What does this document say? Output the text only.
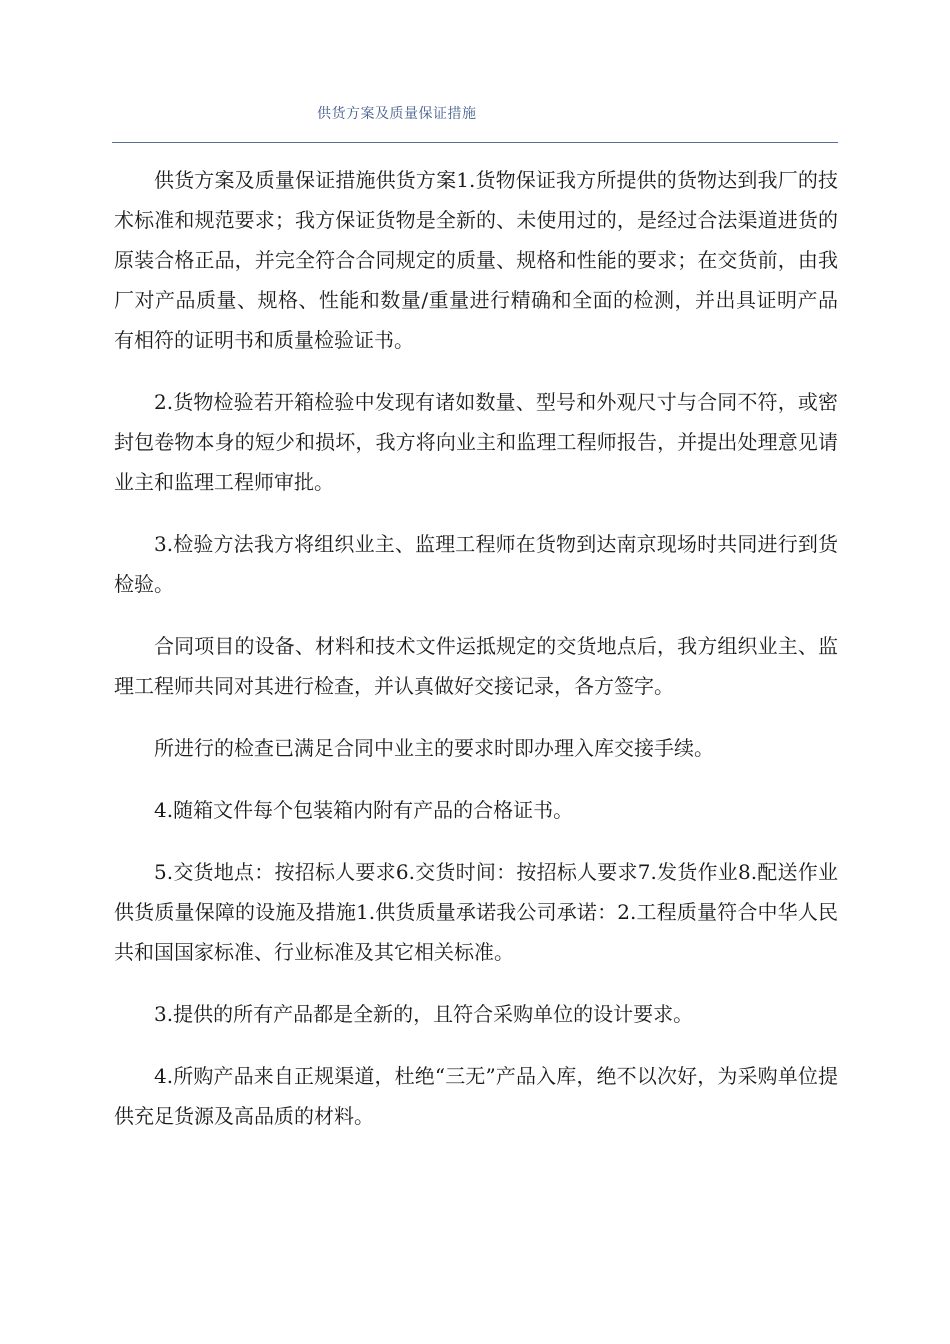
供货方案及质量保证措施

供货方案及质量保证措施供货方案1.货物保证我方所提供的货物达到我厂的技术标准和规范要求；我方保证货物是全新的、未使用过的，是经过合法渠道进货的原装合格正品，并完全符合合同规定的质量、规格和性能的要求；在交货前，由我厂对产品质量、规格、性能和数量/重量进行精确和全面的检测，并出具证明产品有相符的证明书和质量检验证书。

2.货物检验若开箱检验中发现有诸如数量、型号和外观尺寸与合同不符，或密封包卷物本身的短少和损坏，我方将向业主和监理工程师报告，并提出处理意见请业主和监理工程师审批。

3.检验方法我方将组织业主、监理工程师在货物到达南京现场时共同进行到货检验。

合同项目的设备、材料和技术文件运抵规定的交货地点后，我方组织业主、监理工程师共同对其进行检查，并认真做好交接记录，各方签字。

所进行的检查已满足合同中业主的要求时即办理入库交接手续。

4.随箱文件每个包装箱内附有产品的合格证书。

5.交货地点：按招标人要求6.交货时间：按招标人要求7.发货作业8.配送作业供货质量保障的设施及措施1.供货质量承诺我公司承诺：2.工程质量符合中华人民共和国国家标准、行业标准及其它相关标准。

3.提供的所有产品都是全新的，且符合采购单位的设计要求。

4.所购产品来自正规渠道，杜绝“三无”产品入库，绝不以次好，为采购单位提供充足货源及高品质的材料。
